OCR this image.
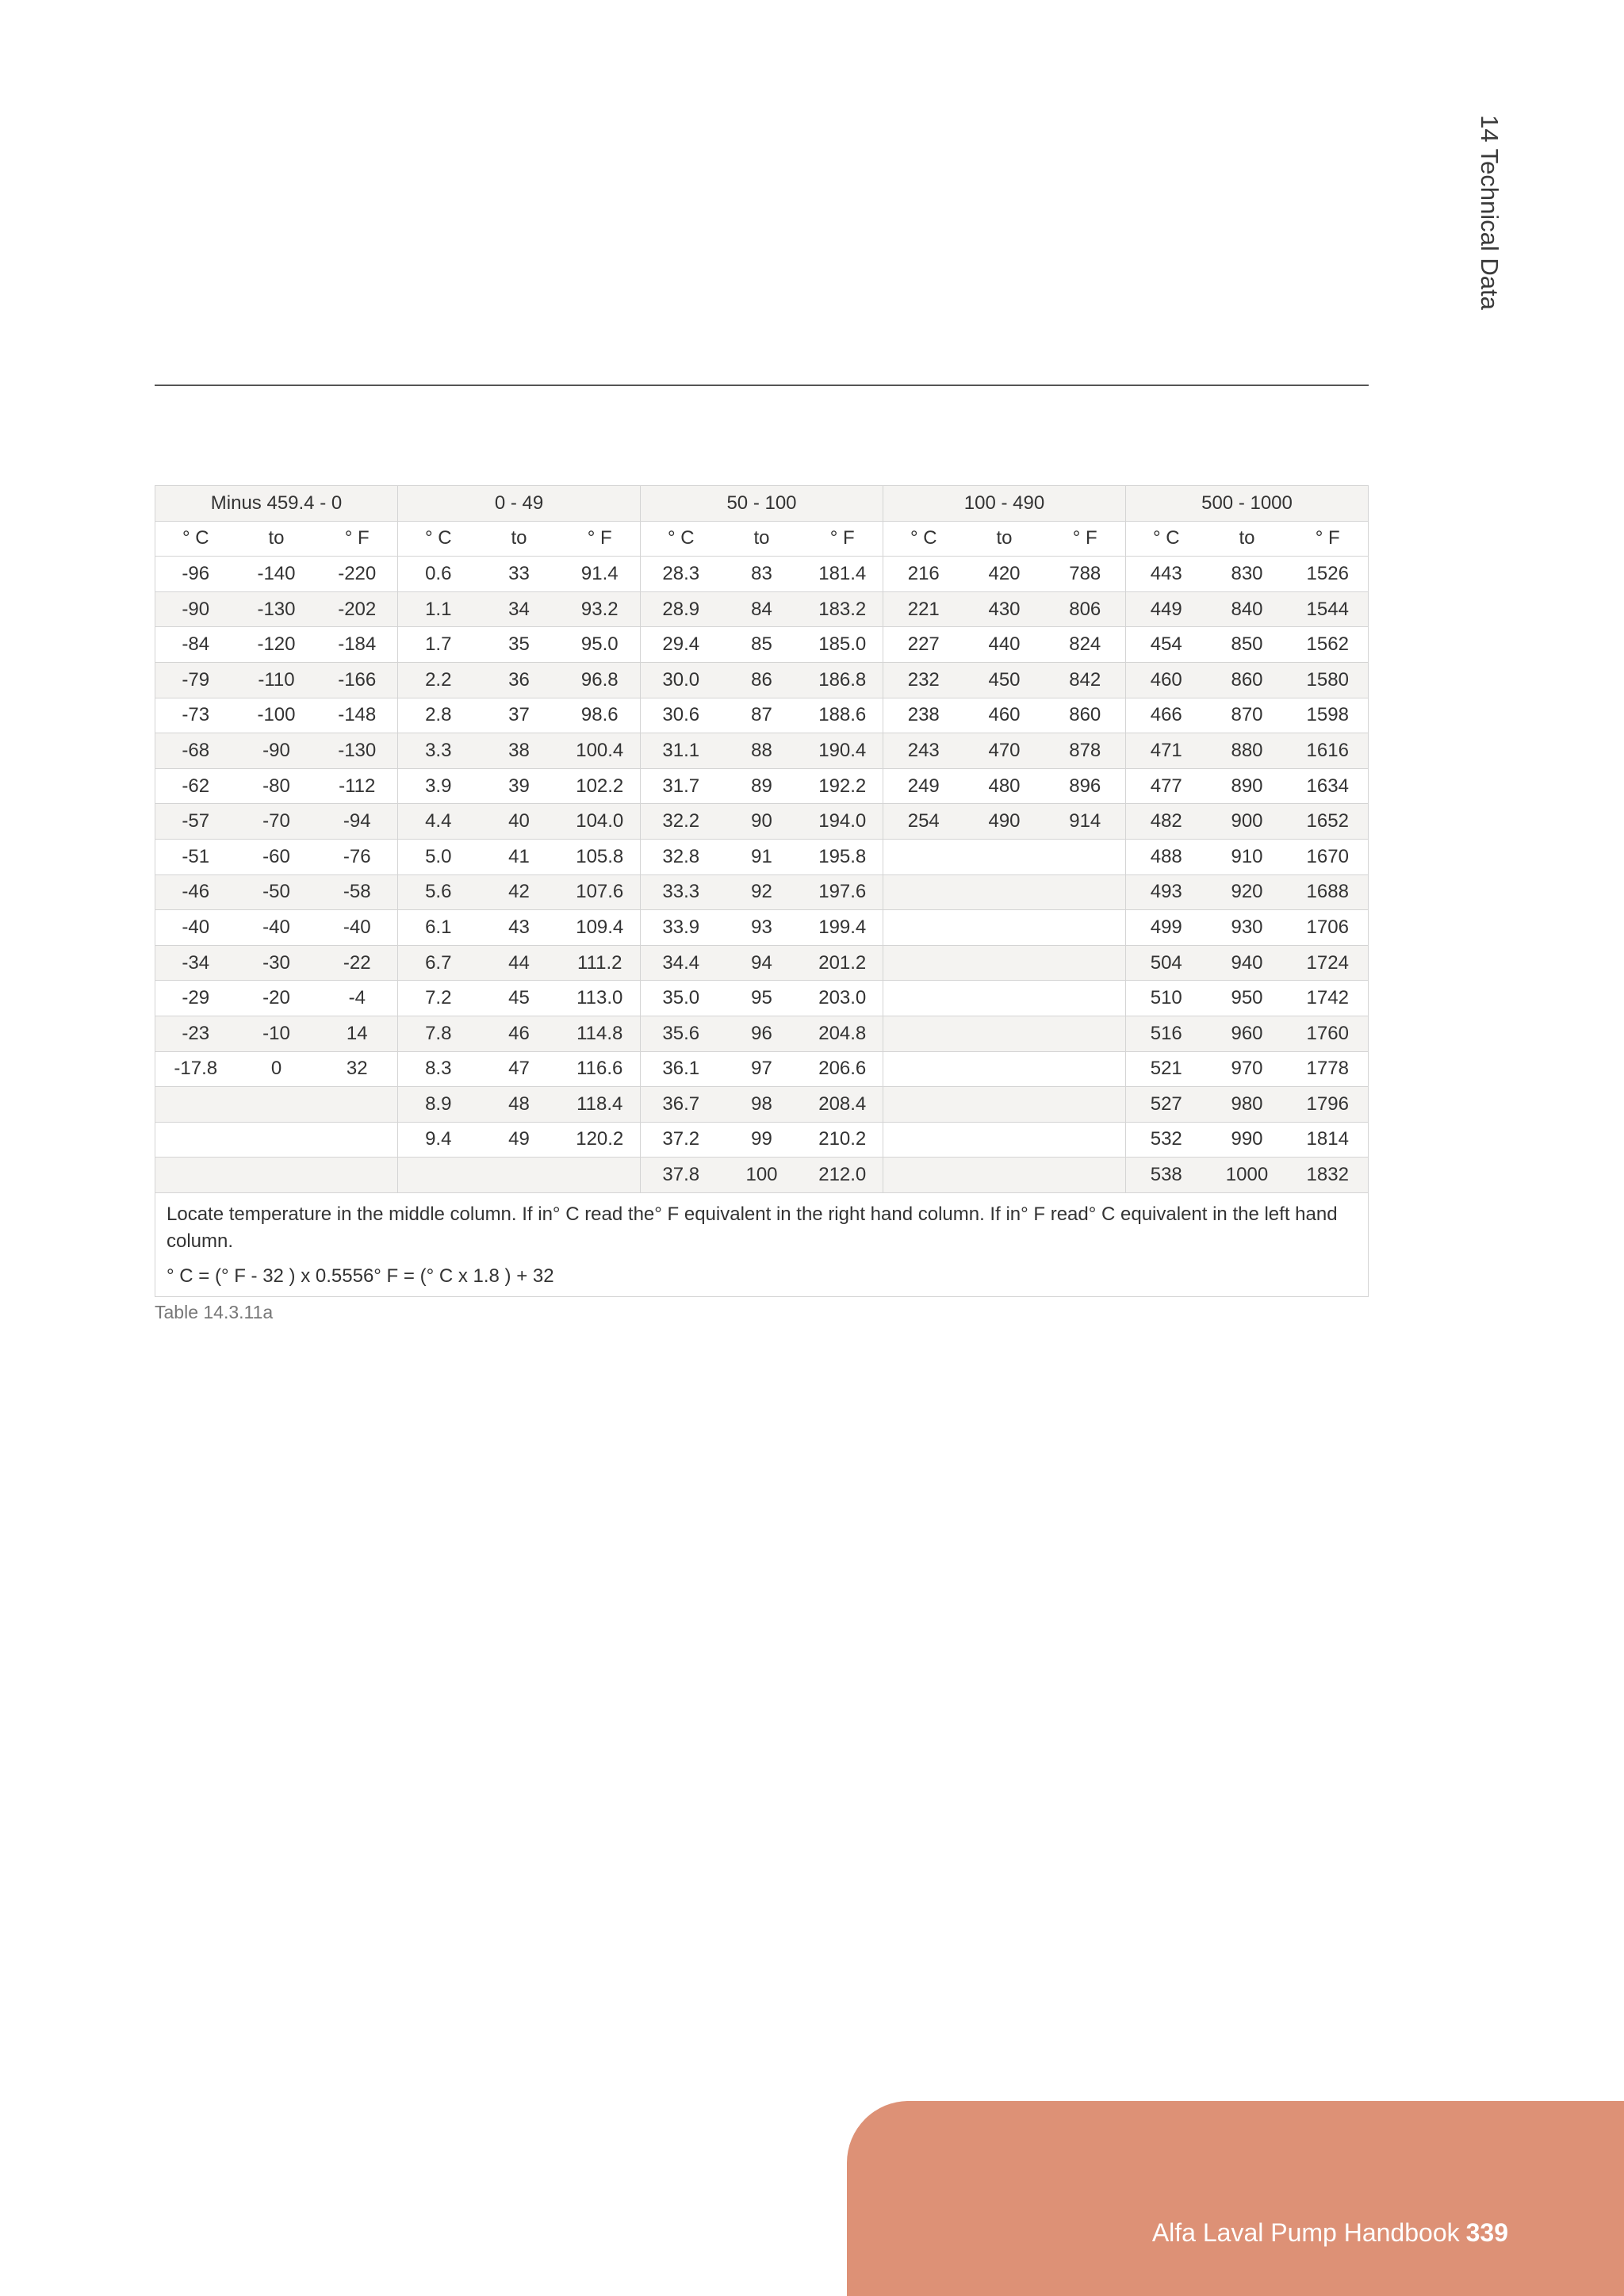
14 Technical Data
Minus 459.4 - 0			0 - 49			50 - 100			100 - 490			500 - 1000		
° C	to	° F	° C	to	° F	° C	to	° F	° C	to	° F	° C	to	° F
-96	-140	-220	0.6	33	91.4	28.3	83	181.4	216	420	788	443	830	1526
-90	-130	-202	1.1	34	93.2	28.9	84	183.2	221	430	806	449	840	1544
-84	-120	-184	1.7	35	95.0	29.4	85	185.0	227	440	824	454	850	1562
-79	-110	-166	2.2	36	96.8	30.0	86	186.8	232	450	842	460	860	1580
-73	-100	-148	2.8	37	98.6	30.6	87	188.6	238	460	860	466	870	1598
-68	-90	-130	3.3	38	100.4	31.1	88	190.4	243	470	878	471	880	1616
-62	-80	-112	3.9	39	102.2	31.7	89	192.2	249	480	896	477	890	1634
-57	-70	-94	4.4	40	104.0	32.2	90	194.0	254	490	914	482	900	1652
-51	-60	-76	5.0	41	105.8	32.8	91	195.8				488	910	1670
-46	-50	-58	5.6	42	107.6	33.3	92	197.6				493	920	1688
-40	-40	-40	6.1	43	109.4	33.9	93	199.4				499	930	1706
-34	-30	-22	6.7	44	111.2	34.4	94	201.2				504	940	1724
-29	-20	-4	7.2	45	113.0	35.0	95	203.0				510	950	1742
-23	-10	14	7.8	46	114.8	35.6	96	204.8				516	960	1760
-17.8	0	32	8.3	47	116.6	36.1	97	206.6				521	970	1778
			8.9	48	118.4	36.7	98	208.4				527	980	1796
			9.4	49	120.2	37.2	99	210.2				532	990	1814
						37.8	100	212.0				538	1000	1832

Locate temperature in the middle column. If in° C read the° F equivalent in the right hand column. If in° F read° C equivalent in the left hand column.

° C = (° F - 32 ) x 0.5556° F = (° C x 1.8 ) + 32

Table 14.3.11a
Alfa Laval Pump Handbook 339
